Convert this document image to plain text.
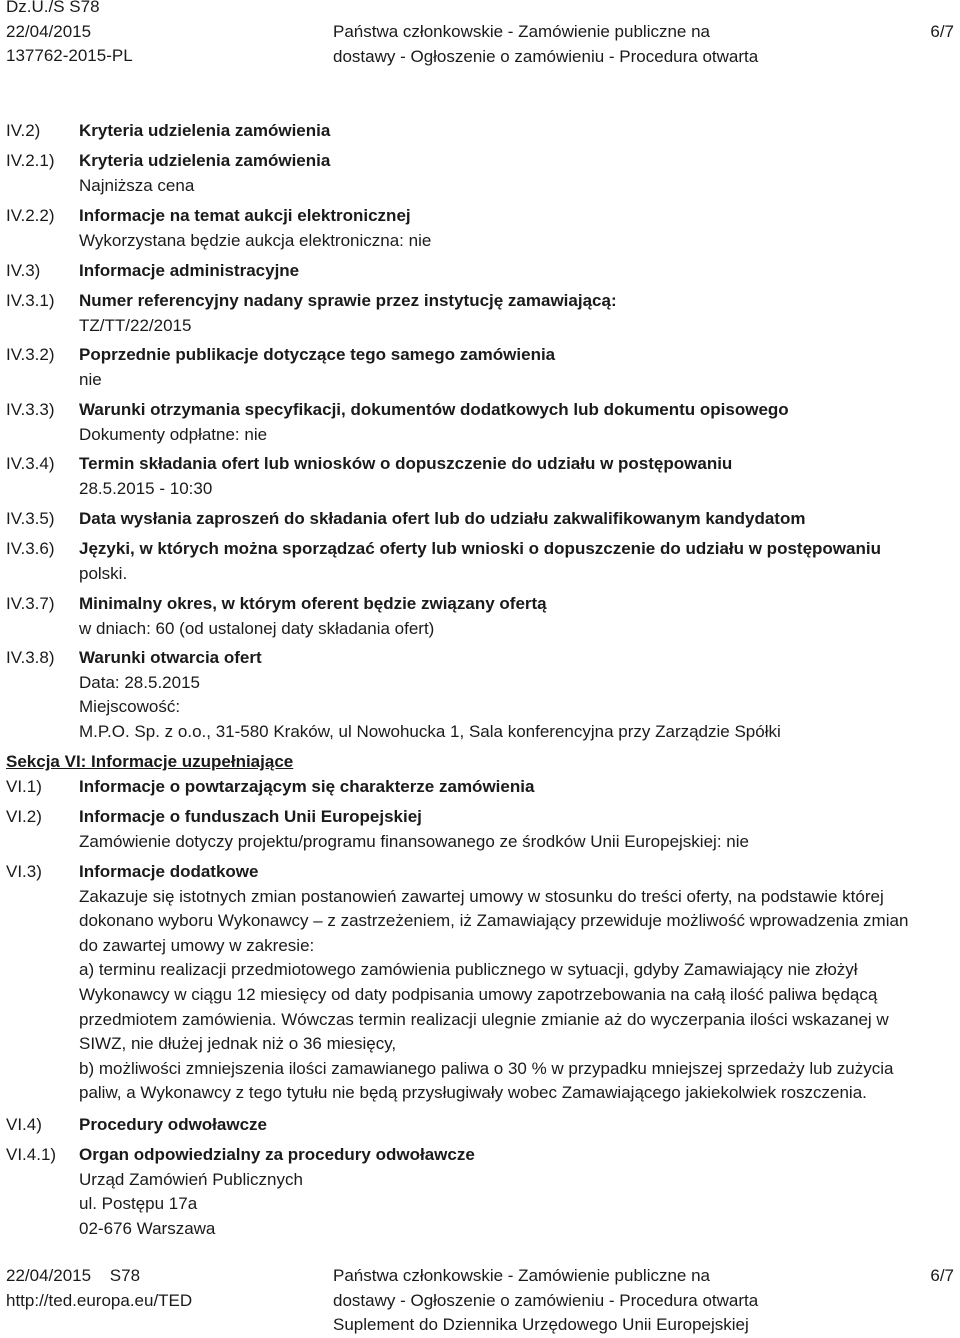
Dz.U./S S78
22/04/2015
137762-2015-PL
Państwa członkowskie - Zamówienie publiczne na
dostawy - Ogłoszenie o zamówieniu - Procedura otwarta
6/7
IV.2) Kryteria udzielenia zamówienia
IV.2.1) Kryteria udzielenia zamówienia
Najniższa cena
IV.2.2) Informacje na temat aukcji elektronicznej
Wykorzystana będzie aukcja elektroniczna: nie
IV.3) Informacje administracyjne
IV.3.1) Numer referencyjny nadany sprawie przez instytucję zamawiającą:
TZ/TT/22/2015
IV.3.2) Poprzednie publikacje dotyczące tego samego zamówienia
nie
IV.3.3) Warunki otrzymania specyfikacji, dokumentów dodatkowych lub dokumentu opisowego
Dokumenty odpłatne: nie
IV.3.4) Termin składania ofert lub wniosków o dopuszczenie do udziału w postępowaniu
28.5.2015 - 10:30
IV.3.5) Data wysłania zaproszeń do składania ofert lub do udziału zakwalifikowanym kandydatom
IV.3.6) Języki, w których można sporządzać oferty lub wnioski o dopuszczenie do udziału w postępowaniu
polski.
IV.3.7) Minimalny okres, w którym oferent będzie związany ofertą
w dniach: 60 (od ustalonej daty składania ofert)
IV.3.8) Warunki otwarcia ofert
Data: 28.5.2015
Miejscowość:
M.P.O. Sp. z o.o., 31-580 Kraków, ul Nowohucka 1, Sala konferencyjna przy Zarządzie Spółki
Sekcja VI: Informacje uzupełniające
VI.1) Informacje o powtarzającym się charakterze zamówienia
VI.2) Informacje o funduszach Unii Europejskiej
Zamówienie dotyczy projektu/programu finansowanego ze środków Unii Europejskiej: nie
VI.3) Informacje dodatkowe
Zakazuje się istotnych zmian postanowień zawartej umowy w stosunku do treści oferty, na podstawie której
dokonano wyboru Wykonawcy – z zastrzeżeniem, iż Zamawiający przewiduje możliwość wprowadzenia zmian
do zawartej umowy w zakresie:
a) terminu realizacji przedmiotowego zamówienia publicznego w sytuacji, gdyby Zamawiający nie złożył
Wykonawcy w ciągu 12 miesięcy od daty podpisania umowy zapotrzebowania na całą ilość paliwa będącą
przedmiotem zamówienia. Wówczas termin realizacji ulegnie zmianie aż do wyczerpania ilości wskazanej w
SIWZ, nie dłużej jednak niż o 36 miesięcy,
b) możliwości zmniejszenia ilości zamawianego paliwa o 30 % w przypadku mniejszej sprzedaży lub zużycia
paliw, a Wykonawcy z tego tytułu nie będą przysługiwały wobec Zamawiającego jakiekolwiek roszczenia.
VI.4) Procedury odwoławcze
VI.4.1) Organ odpowiedzialny za procedury odwoławcze
Urząd Zamówień Publicznych
ul. Postępu 17a
02-676 Warszawa
22/04/2015 S78
http://ted.europa.eu/TED
Państwa członkowskie - Zamówienie publiczne na
dostawy - Ogłoszenie o zamówieniu - Procedura otwarta
Suplement do Dziennika Urzędowego Unii Europejskiej
6/7
